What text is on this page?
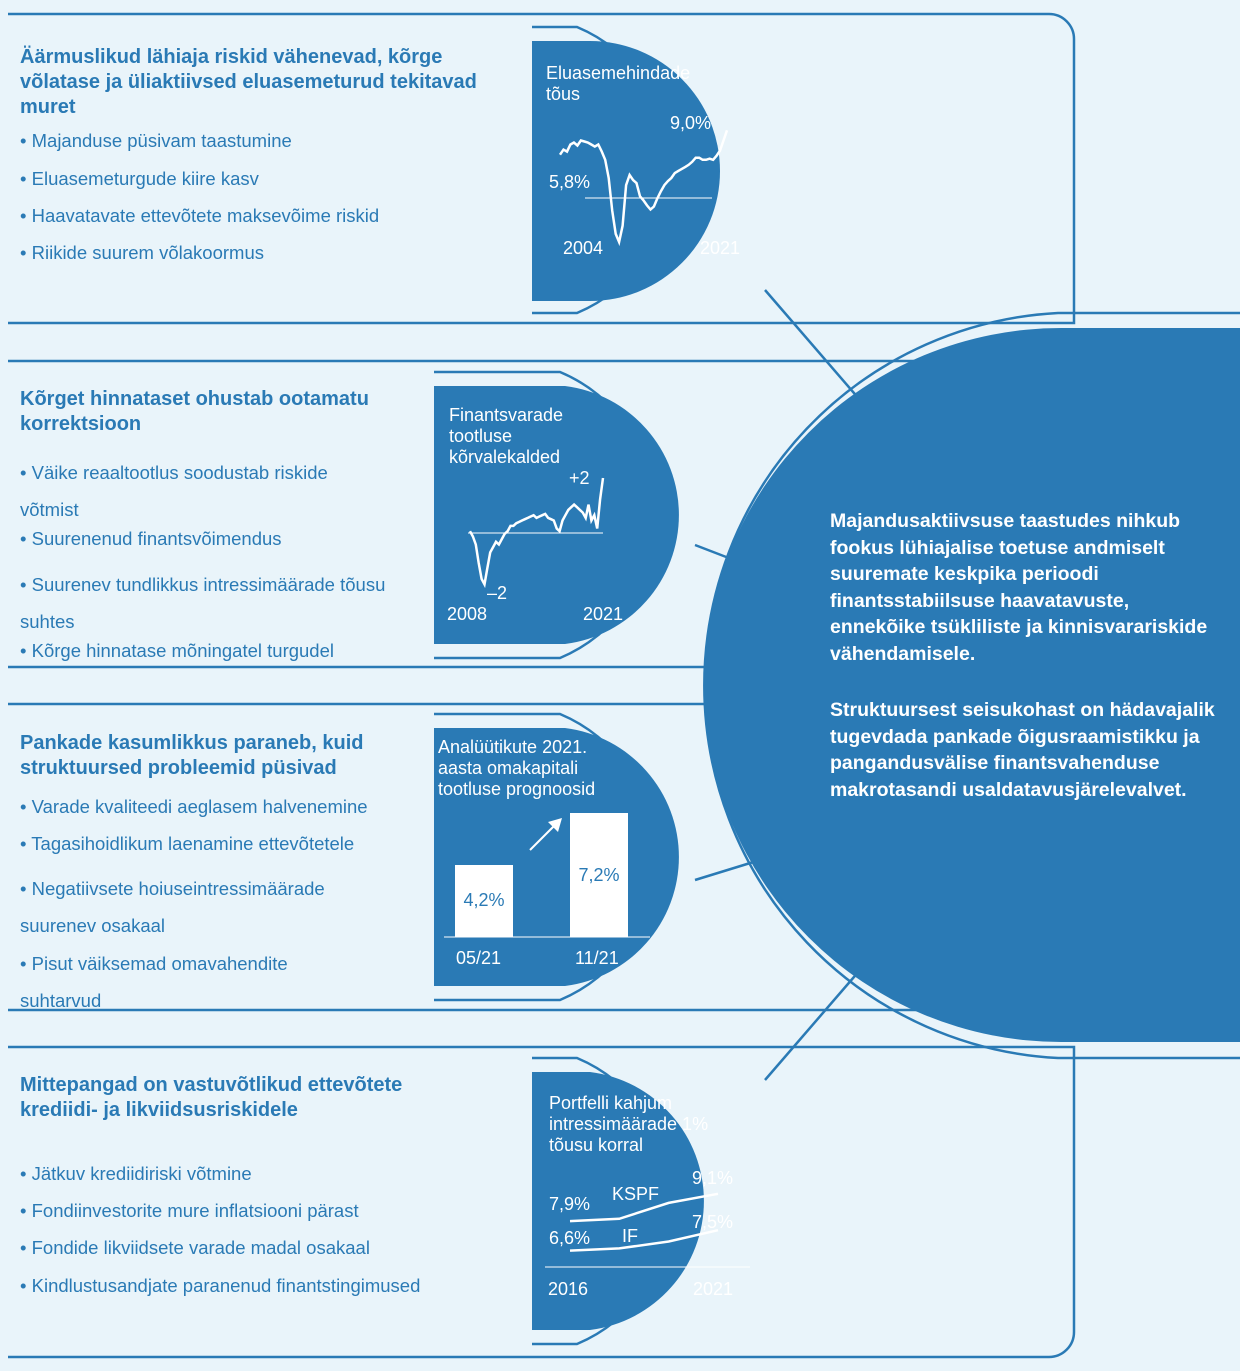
Äärmuslikud lähiaja riskid vähenevad, kõrge võlatase ja üliaktiivsed eluasemeturud tekitavad muret
• Majanduse püsivam taastumine
• Eluasemeturgude kiire kasv
• Haavatavate ettevõtete maksevõime riskid
• Riikide suurem võlakoormus
Eluasemehindade tõus
9,0%
5,8%
2004	2021
Kõrget hinnataset ohustab ootamatu korrektsioon
• Väike reaaltootlus soodustab riskide võtmist
• Suurenenud finantsvõimendus
• Suurenev tundlikkus intressimäärade tõusu suhtes
• Kõrge hinnatase mõningatel turgudel
Finantsvarade tootluse kõrvalekalded
+2
–2
2008	2021
Pankade kasumlikkus paraneb, kuid struktuursed probleemid püsivad
• Varade kvaliteedi aeglasem halvenemine
• Tagasihoidlikum laenamine ettevõtetele
• Negatiivsete hoiuseintressimäärade suurenev osakaal
• Pisut väiksemad omavahendite suhtarvud
Analüütikute 2021. aasta omakapitali tootluse prognoosid
4,2%
7,2%
05/21	11/21
Mittepangad on vastuvõtlikud ettevõtete krediidi- ja likviidsusriskidele
• Jätkuv krediidiriski võtmine
• Fondiinvestorite mure inflatsiooni pärast
• Fondide likviidsete varade madal osakaal
• Kindlustusandjate paranenud finantstingimused
Portfelli kahjum intressimäärade 1% tõusu korral
9,1%
KSPF
7,9%
7,5%
IF
6,6%
2016	2021
Majandusaktiivsuse taastudes nihkub fookus lühiajalise toetuse andmiselt suuremate keskpika perioodi finantsstabiilsuse haavatavuste, ennekõike tsükliliste ja kinnisvarariskide vähendamisele.
Struktuursest seisukohast on hädavajalik tugevdada pankade õigusraamistikku ja pangandusvälise finantsvahenduse makrotasandi usaldatavusjärelevalvet.
